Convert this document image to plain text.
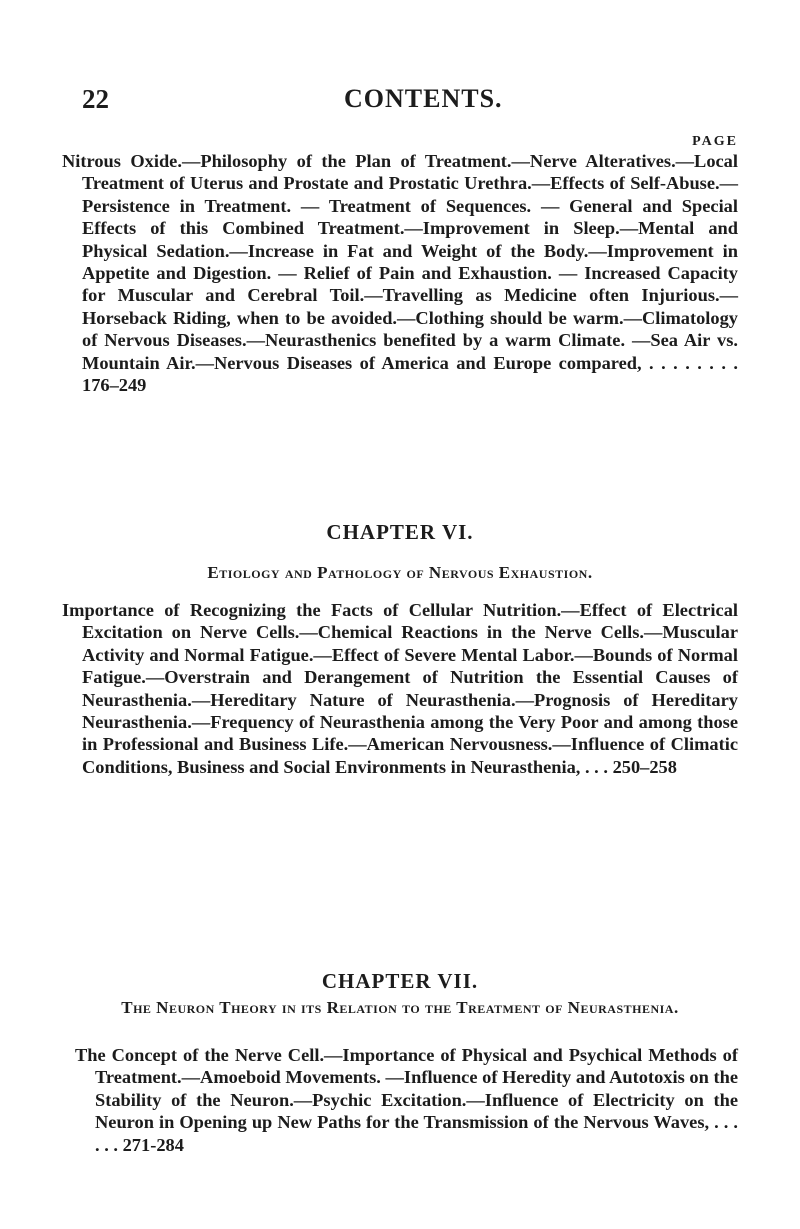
22	CONTENTS.
PAGE

Nitrous Oxide.—Philosophy of the Plan of Treatment.—Nerve Alteratives.—Local Treatment of Uterus and Prostate and Prostatic Urethra.—Effects of Self-Abuse.—Persistence in Treatment. — Treatment of Sequences. — General and Special Effects of this Combined Treatment.—Improvement in Sleep.—Mental and Physical Sedation.—Increase in Fat and Weight of the Body.—Improvement in Appetite and Digestion. — Relief of Pain and Exhaustion. — Increased Capacity for Muscular and Cerebral Toil.—Travelling as Medicine often Injurious.—Horseback Riding, when to be avoided.—Clothing should be warm.—Climatology of Nervous Diseases.—Neurasthenics benefited by a warm Climate. —Sea Air vs. Mountain Air.—Nervous Diseases of America and Europe compared, . . . . . . . . 176–249

CHAPTER VI.
Etiology and Pathology of Nervous Exhaustion.

Importance of Recognizing the Facts of Cellular Nutrition.—Effect of Electrical Excitation on Nerve Cells.—Chemical Reactions in the Nerve Cells.—Muscular Activity and Normal Fatigue.—Effect of Severe Mental Labor.—Bounds of Normal Fatigue.—Overstrain and Derangement of Nutrition the Essential Causes of Neurasthenia.—Hereditary Nature of Neurasthenia.—Prognosis of Hereditary Neurasthenia.—Frequency of Neurasthenia among the Very Poor and among those in Professional and Business Life.—American Nervousness.—Influence of Climatic Conditions, Business and Social Environments in Neurasthenia, . . . 250–258

CHAPTER VII.
The Neuron Theory in its Relation to the Treatment of Neurasthenia.

The Concept of the Nerve Cell.—Importance of Physical and Psychical Methods of Treatment.—Amoeboid Movements. —Influence of Heredity and Autotoxis on the Stability of the Neuron.—Psychic Excitation.—Influence of Electricity on the Neuron in Opening up New Paths for the Transmission of the Nervous Waves, . . . . . . 271-284
